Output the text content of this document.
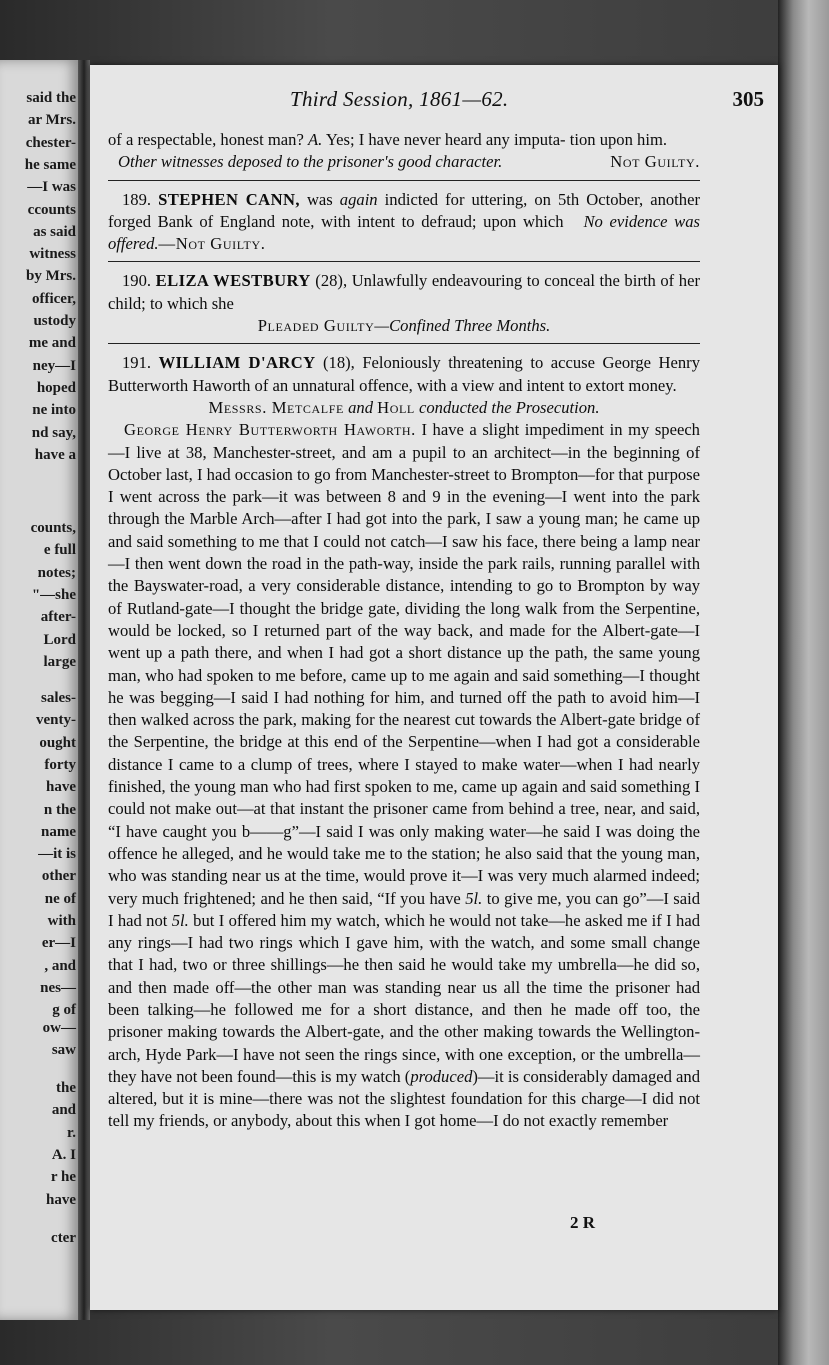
said the
ar Mrs.
chester-
he same
—I was
ccounts
as said
witness
by Mrs.
officer,
ustody
me and
ney—I
hoped
ne into
nd say,
have a
counts,
e full
notes;
"—she
after-
Lord
large
sales-
venty-
ought
forty
have
n the
name
—it is
other
ne of
with
er—I
, and
nes—
g of
ow—
saw
the
and
r.
A. I
r he
have
cter
Third Session, 1861—62.	305

of a respectable, honest man? A. Yes; I have never heard any imputa- tion upon him.

Other witnesses deposed to the prisoner's good character.	Not Guilty.

189. STEPHEN CANN, was again indicted for uttering, on 5th October, another forged Bank of England note, with intent to defraud; upon which No evidence was offered.—Not Guilty.

190. ELIZA WESTBURY (28), Unlawfully endeavouring to conceal the birth of her child; to which she

Pleaded Guilty—Confined Three Months.

191. WILLIAM D'ARCY (18), Feloniously threatening to accuse George Henry Butterworth Haworth of an unnatural offence, with a view and intent to extort money.

Messrs. Metcalfe and Holl conducted the Prosecution.

George Henry Butterworth Haworth. I have a slight impediment in my speech—I live at 38, Manchester-street, and am a pupil to an architect—in the beginning of October last, I had occasion to go from Manchester-street to Brompton—for that purpose I went across the park—it was between 8 and 9 in the evening—I went into the park through the Marble Arch—after I had got into the park, I saw a young man; he came up and said something to me that I could not catch—I saw his face, there being a lamp near—I then went down the road in the path-way, inside the park rails, running parallel with the Bayswater-road, a very considerable distance, intending to go to Brompton by way of Rutland-gate—I thought the bridge gate, dividing the long walk from the Serpentine, would be locked, so I returned part of the way back, and made for the Albert-gate—I went up a path there, and when I had got a short distance up the path, the same young man, who had spoken to me before, came up to me again and said something—I thought he was begging—I said I had nothing for him, and turned off the path to avoid him—I then walked across the park, making for the nearest cut towards the Albert-gate bridge of the Serpentine, the bridge at this end of the Serpentine—when I had got a considerable distance I came to a clump of trees, where I stayed to make water—when I had nearly finished, the young man who had first spoken to me, came up again and said something I could not make out—at that instant the prisoner came from behind a tree, near, and said, “I have caught you b——g”—I said I was only making water—he said I was doing the offence he alleged, and he would take me to the station; he also said that the young man, who was standing near us at the time, would prove it—I was very much alarmed indeed; very much frightened; and he then said, “If you have 5l. to give me, you can go”—I said I had not 5l. but I offered him my watch, which he would not take—he asked me if I had any rings—I had two rings which I gave him, with the watch, and some small change that I had, two or three shillings—he then said he would take my umbrella—he did so, and then made off—the other man was standing near us all the time the prisoner had been talking—he followed me for a short distance, and then he made off too, the prisoner making towards the Albert-gate, and the other making towards the Wellington-arch, Hyde Park—I have not seen the rings since, with one exception, or the umbrella—they have not been found—this is my watch (produced)—it is considerably damaged and altered, but it is mine—there was not the slightest foundation for this charge—I did not tell my friends, or anybody, about this when I got home—I do not exactly remember

2 R
